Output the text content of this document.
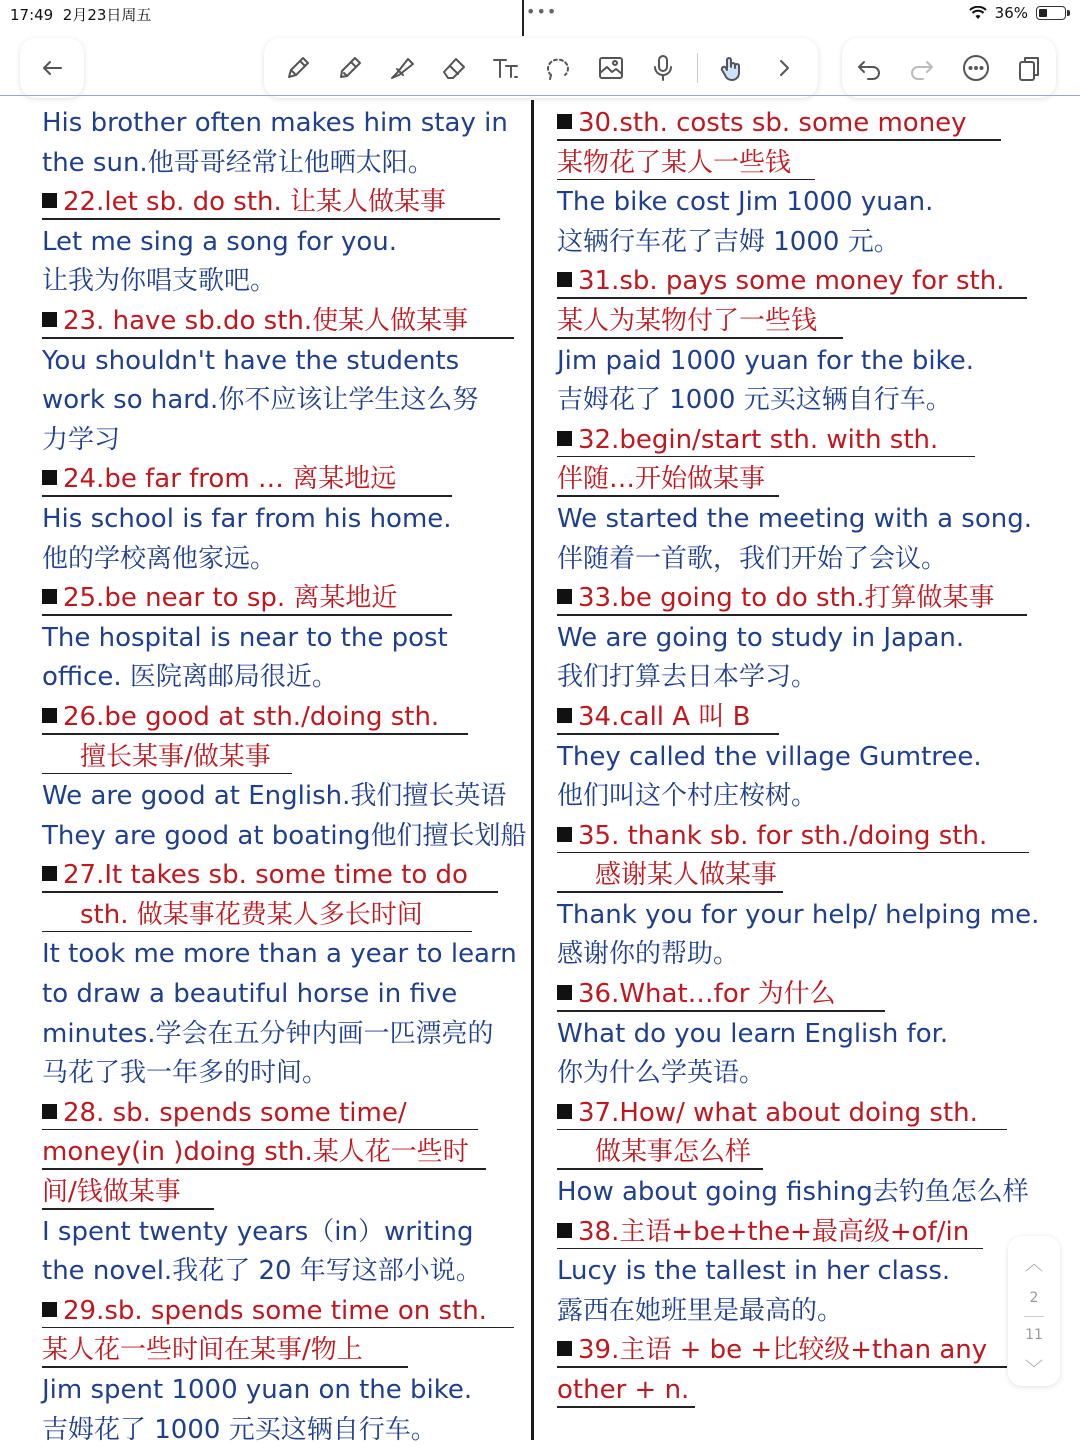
17:49 2月23日周五	•••	36%
His brother often makes him stay in
the sun.他哥哥经常让他晒太阳。
22.let sb. do sth. 让某人做某事
Let me sing a song for you.
让我为你唱支歌吧。
23. have sb.do sth.使某人做某事
You shouldn't have the students
work so hard.你不应该让学生这么努
力学习
24.be far from … 离某地远
His school is far from his home.
他的学校离他家远。
25.be near to sp. 离某地近
The hospital is near to the post
office. 医院离邮局很近。
26.be good at sth./doing sth.
擅长某事/做某事
We are good at English.我们擅长英语
They are good at boating他们擅长划船
27.It takes sb. some time to do
sth. 做某事花费某人多长时间
It took me more than a year to learn
to draw a beautiful horse in five
minutes.学会在五分钟内画一匹漂亮的
马花了我一年多的时间。
28. sb. spends some time/
money(in )doing sth.某人花一些时
间/钱做某事
I spent twenty years（in）writing
the novel.我花了 20 年写这部小说。
29.sb. spends some time on sth.
某人花一些时间在某事/物上
Jim spent 1000 yuan on the bike.
吉姆花了 1000 元买这辆自行车。
30.sth. costs sb. some money
某物花了某人一些钱
The bike cost Jim 1000 yuan.
这辆行车花了吉姆 1000 元。
31.sb. pays some money for sth.
某人为某物付了一些钱
Jim paid 1000 yuan for the bike.
吉姆花了 1000 元买这辆自行车。
32.begin/start sth. with sth.
伴随…开始做某事
We started the meeting with a song.
伴随着一首歌，我们开始了会议。
33.be going to do sth.打算做某事
We are going to study in Japan.
我们打算去日本学习。
34.call A 叫 B
They called the village Gumtree.
他们叫这个村庄桉树。
35. thank sb. for sth./doing sth.
感谢某人做某事
Thank you for your help/ helping me.
感谢你的帮助。
36.What…for 为什么
What do you learn English for.
你为什么学英语。
37.How/ what about doing sth.
做某事怎么样
How about going fishing去钓鱼怎么样
38.主语+be+the+最高级+of/in
Lucy is the tallest in her class.
露西在她班里是最高的。
39.主语 + be +比较级+than any
other + n.
︿
2
11
﹀
